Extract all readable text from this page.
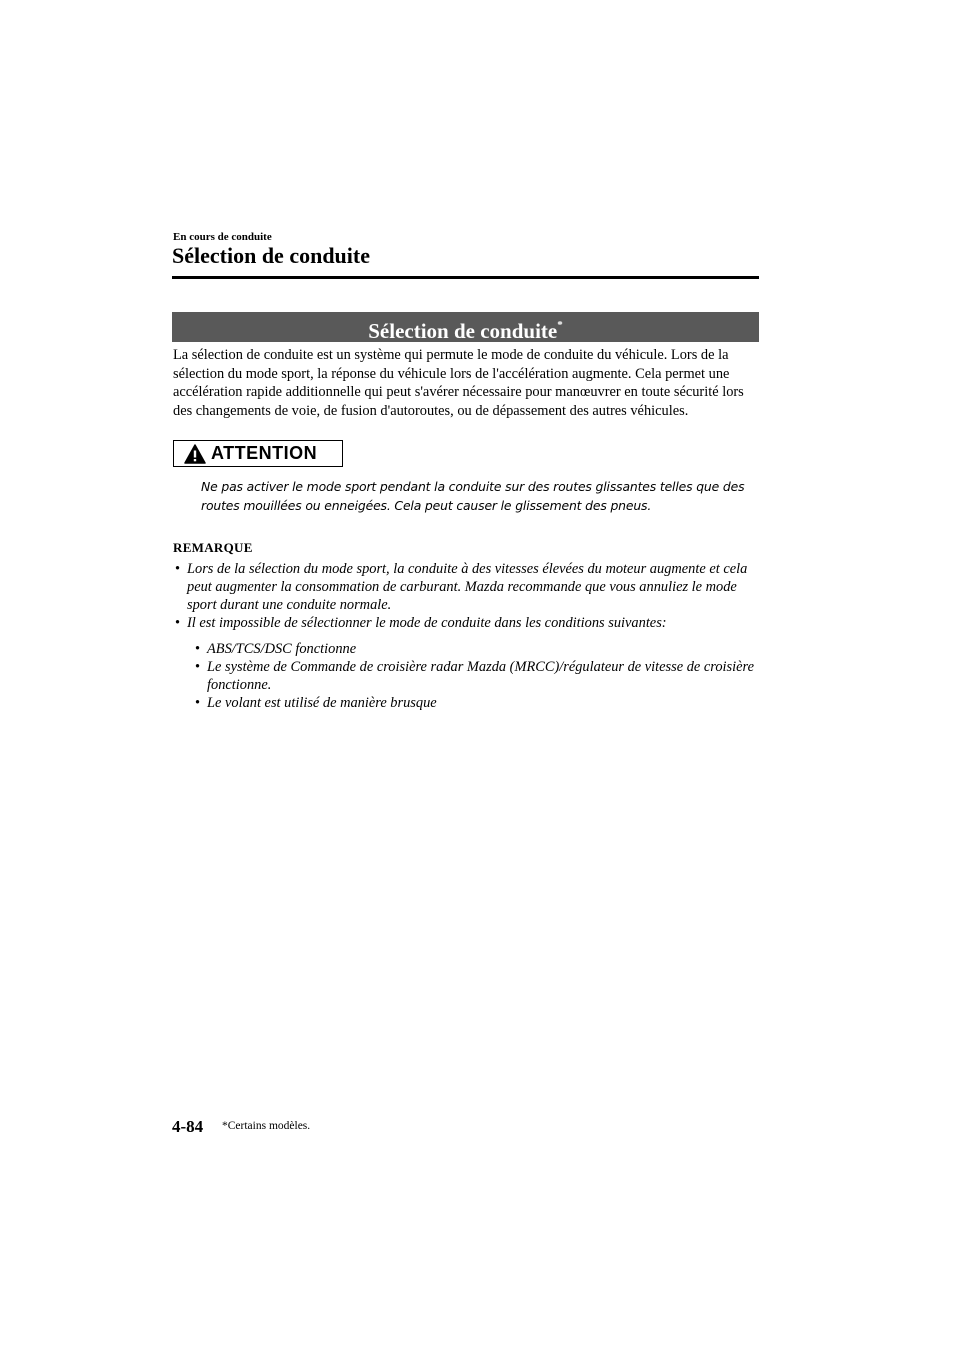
En cours de conduite
Sélection de conduite
Sélection de conduite*
La sélection de conduite est un système qui permute le mode de conduite du véhicule. Lors de la sélection du mode sport, la réponse du véhicule lors de l'accélération augmente. Cela permet une accélération rapide additionnelle qui peut s'avérer nécessaire pour manœuvrer en toute sécurité lors des changements de voie, de fusion d'autoroutes, ou de dépassement des autres véhicules.
ATTENTION
Ne pas activer le mode sport pendant la conduite sur des routes glissantes telles que des routes mouillées ou enneigées. Cela peut causer le glissement des pneus.
REMARQUE

• Lors de la sélection du mode sport, la conduite à des vitesses élevées du moteur augmente et cela peut augmenter la consommation de carburant. Mazda recommande que vous annuliez le mode sport durant une conduite normale.

• Il est impossible de sélectionner le mode de conduite dans les conditions suivantes:

• ABS/TCS/DSC fonctionne

• Le système de Commande de croisière radar Mazda (MRCC)/régulateur de vitesse de croisière fonctionne.

• Le volant est utilisé de manière brusque

4-84 *Certains modèles.
